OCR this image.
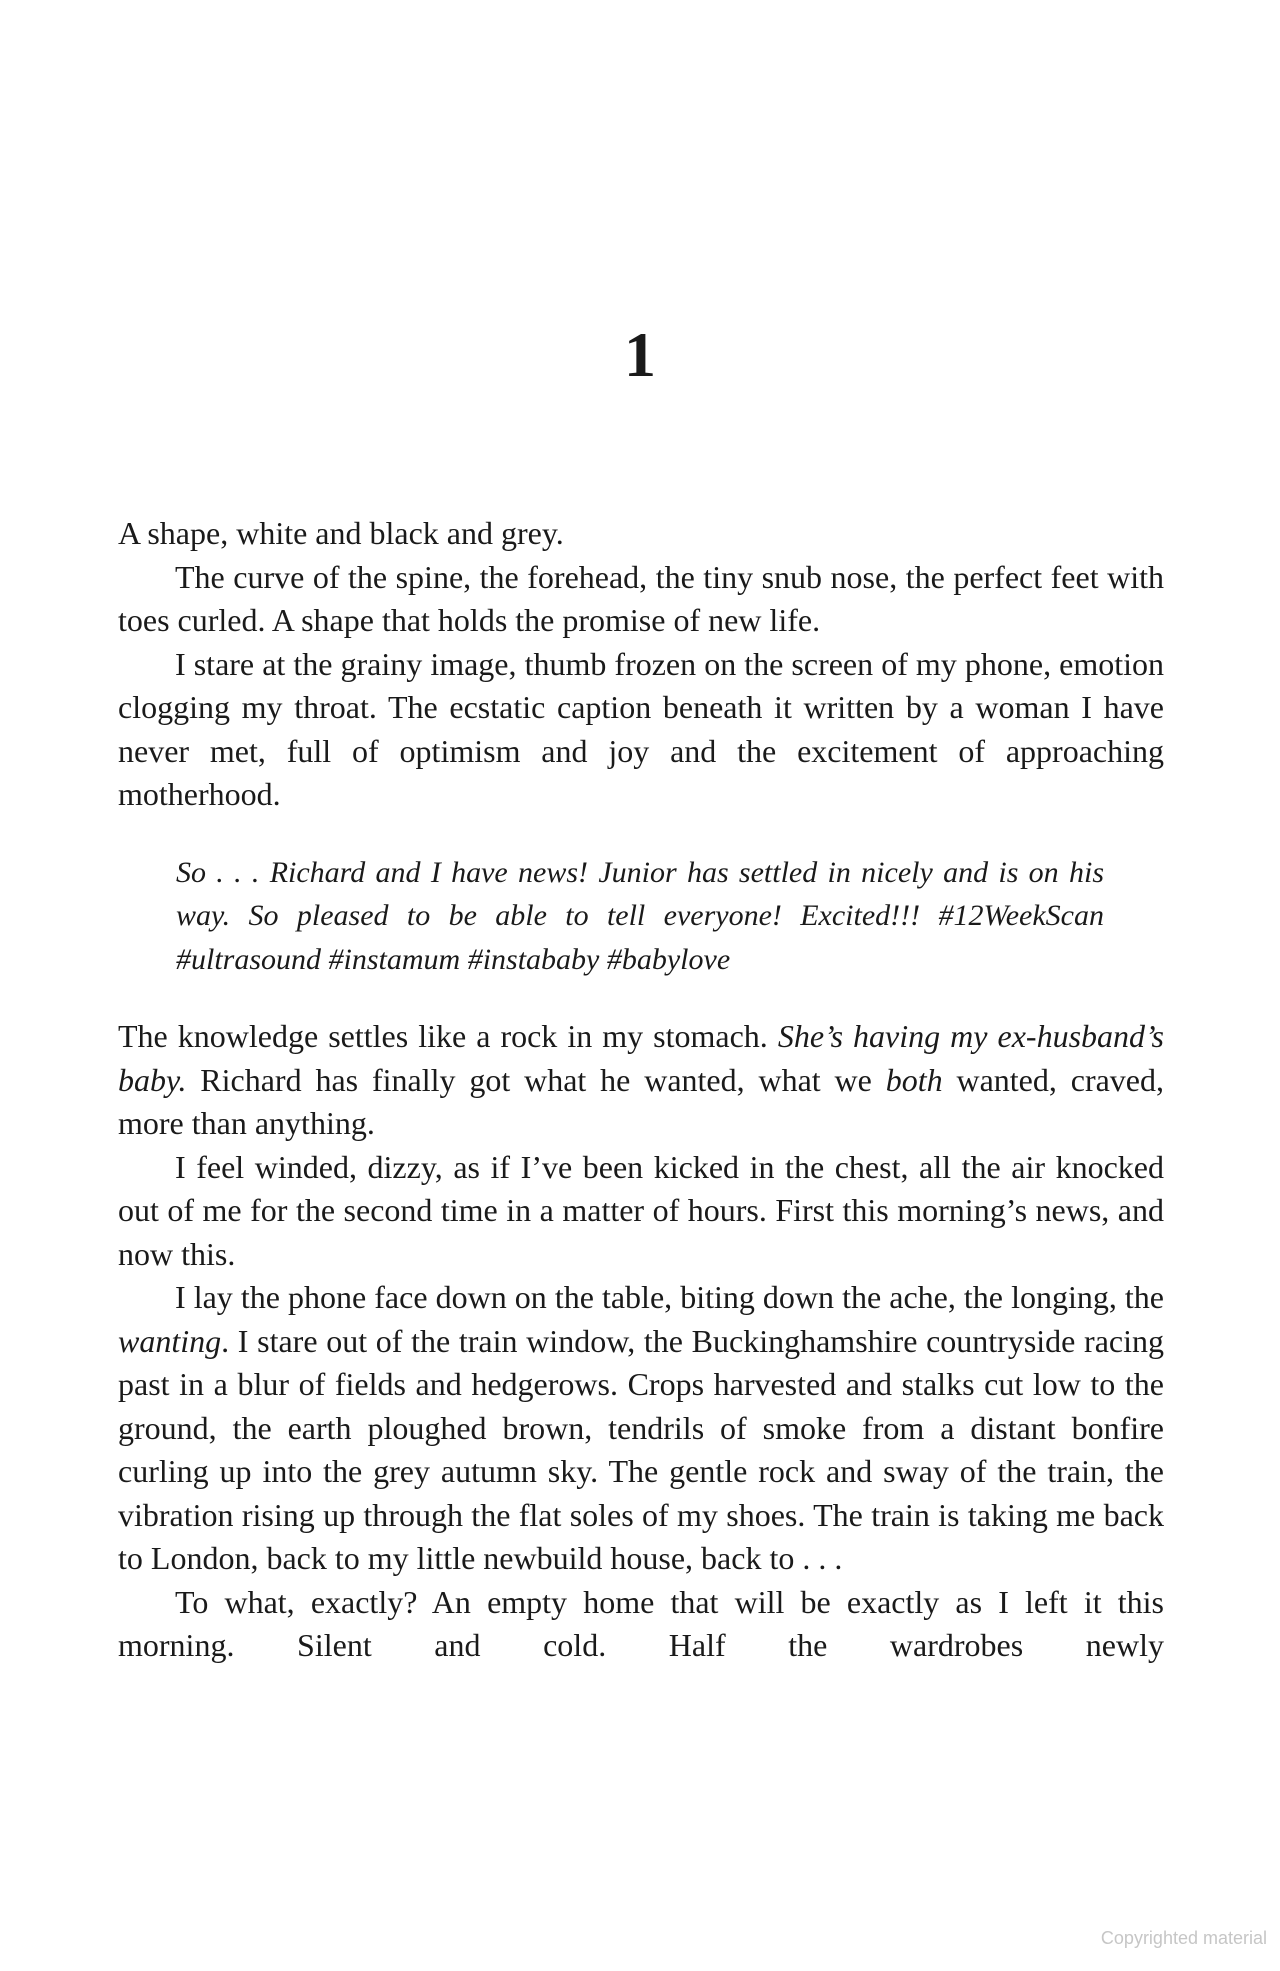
1
A shape, white and black and grey.
The curve of the spine, the forehead, the tiny snub nose, the perfect feet with toes curled. A shape that holds the promise of new life.
I stare at the grainy image, thumb frozen on the screen of my phone, emotion clogging my throat. The ecstatic caption beneath it written by a woman I have never met, full of optimism and joy and the excitement of approaching motherhood.
So . . . Richard and I have news! Junior has settled in nicely and is on his way. So pleased to be able to tell everyone! Excited!!! #12WeekScan #ultrasound #instamum #instababy #babylove
The knowledge settles like a rock in my stomach. She’s having my ex-husband’s baby. Richard has finally got what he wanted, what we both wanted, craved, more than anything.
I feel winded, dizzy, as if I’ve been kicked in the chest, all the air knocked out of me for the second time in a matter of hours. First this morning’s news, and now this.
I lay the phone face down on the table, biting down the ache, the longing, the wanting. I stare out of the train window, the Buckinghamshire countryside racing past in a blur of fields and hedgerows. Crops harvested and stalks cut low to the ground, the earth ploughed brown, tendrils of smoke from a distant bonfire curling up into the grey autumn sky. The gentle rock and sway of the train, the vibration rising up through the flat soles of my shoes. The train is taking me back to London, back to my little newbuild house, back to . . .
To what, exactly? An empty home that will be exactly as I left it this morning. Silent and cold. Half the wardrobes newly
Copyrighted material
